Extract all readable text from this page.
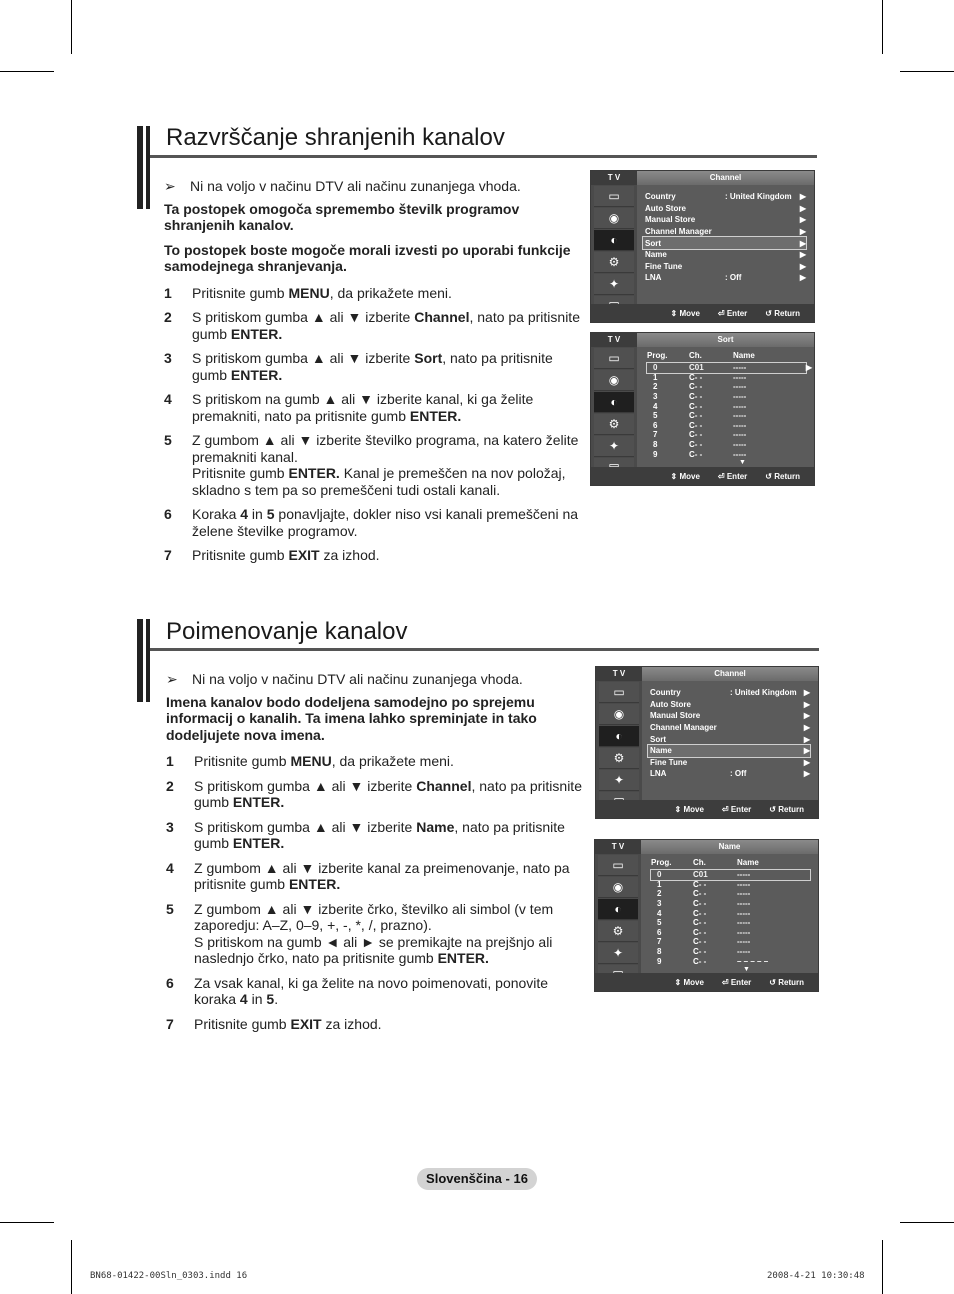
Razvrščanje shranjenih kanalov
➢	Ni na voljo v načinu DTV ali načinu zunanjega vhoda.
Ta postopek omogoča spremembo številk programov shranjenih kanalov.
To postopek boste mogoče morali izvesti po uporabi funkcije samodejnega shranjevanja.
1	Pritisnite gumb MENU, da prikažete meni.
2	S pritiskom gumba ▲ ali ▼ izberite Channel, nato pa pritisnite gumb ENTER.
3	S pritiskom gumba ▲ ali ▼ izberite Sort, nato pa pritisnite gumb ENTER.
4	S pritiskom na gumb ▲ ali ▼ izberite kanal, ki ga želite premakniti, nato pa pritisnite gumb ENTER.
5	Z gumbom ▲ ali ▼ izberite številko programa, na katero želite premakniti kanal.
Pritisnite gumb ENTER. Kanal je premeščen na nov položaj, skladno s tem pa so premeščeni tudi ostali kanali.
6	Koraka 4 in 5 ponavljajte, dokler niso vsi kanali premeščeni na
želene številke programov.
7	Pritisnite gumb EXIT za izhod.
Poimenovanje kanalov
➢	Ni na voljo v načinu DTV ali načinu zunanjega vhoda.
Imena kanalov bodo dodeljena samodejno po sprejemu informacij o kanalih. Ta imena lahko spreminjate in tako dodeljujete nova imena.
1	Pritisnite gumb MENU, da prikažete meni.
2	S pritiskom gumba ▲ ali ▼ izberite Channel, nato pa pritisnite gumb ENTER.
3	S pritiskom gumba ▲ ali ▼ izberite Name, nato pa pritisnite gumb ENTER.
4	Z gumbom ▲ ali ▼ izberite kanal za preimenovanje, nato pa pritisnite gumb ENTER.
5	Z gumbom ▲ ali ▼ izberite črko, številko ali simbol (v tem zaporedju: A–Z, 0–9, +, -, *, /, prazno).
S pritiskom na gumb ◄ ali ► se premikajte na prejšnjo ali naslednjo črko, nato pa pritisnite gumb ENTER.
6	Za vsak kanal, ki ga želite na novo poimenovati, ponovite koraka 4 in 5.
7	Pritisnite gumb EXIT za izhod.
T V	Channel
▭
◉
◐
⚙
✦
Country	: United Kingdom	▶
Auto Store	▶
Manual Store	▶
Channel Manager	▶
Sort	▶
Name	▶
Fine Tune	▶
LNA	: Off	▶
⇕ Move ⏎ Enter ↺ Return
T V	Sort
▭
◉
◐
⚙
✦
Prog.	Ch.	Name
0	C01	-----	▶
1	C- -	-----
2	C- -	-----
3	C- -	-----
4	C- -	-----
5	C- -	-----
6	C- -	-----
7	C- -	-----
8	C- -	-----
9	C- -	-----
▼
⇕ Move ⏎ Enter ↺ Return
T V	Channel
▭
◉
◐
⚙
✦
Country	: United Kingdom ▶
Auto Store	▶
Manual Store	▶
Channel Manager	▶
Sort	▶
Name	▶
Fine Tune	▶
LNA	: Off	▶
⇕ Move ⏎ Enter ↺ Return
T V	Name
▭
◉
◐
⚙
✦
Prog.	Ch.	Name
0	C01	-----
1	C- -	-----
2	C- -	-----
3	C- -	-----
4	C- -	-----
5	C- -	-----
6	C- -	-----
7	C- -	-----
8	C- -	-----
9	C- -	– – – – –
▼
⇕ Move ⏎ Enter ↺ Return
Slovenščina - 16
BN68-01422-00Sln_0303.indd 16	2008-4-21 10:30:48
